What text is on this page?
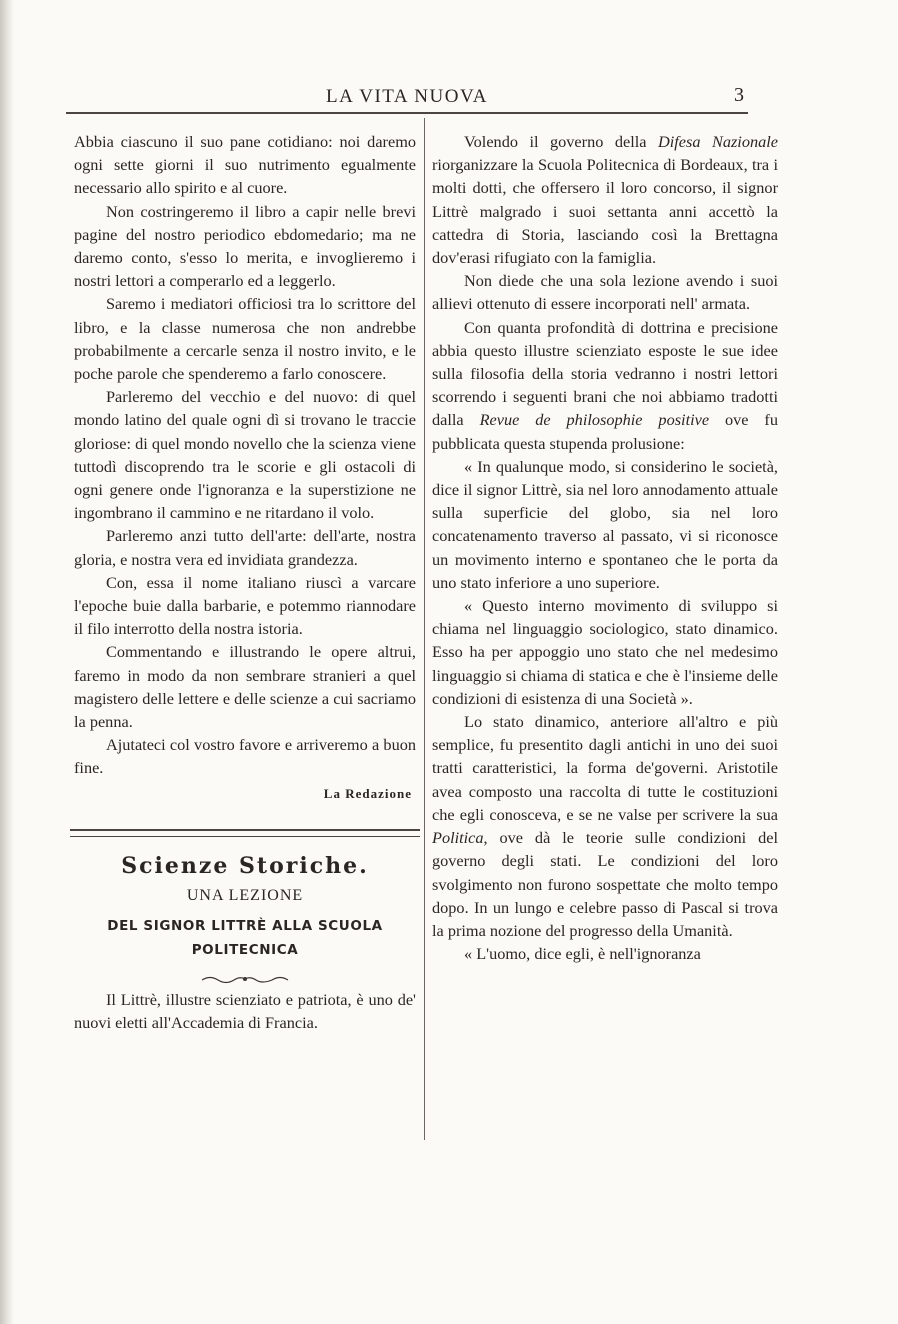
LA VITA NUOVA	3

Abbia ciascuno il suo pane cotidiano: noi daremo ogni sette giorni il suo nutrimento egualmente necessario allo spirito e al cuore.

Non costringeremo il libro a capir nelle brevi pagine del nostro periodico ebdomedario; ma ne daremo conto, s'esso lo merita, e invoglieremo i nostri lettori a comperarlo ed a leggerlo.

Saremo i mediatori officiosi tra lo scrittore del libro, e la classe numerosa che non andrebbe probabilmente a cercarle senza il nostro invito, e le poche parole che spenderemo a farlo conoscere.

Parleremo del vecchio e del nuovo: di quel mondo latino del quale ogni dì si trovano le traccie gloriose: di quel mondo novello che la scienza viene tuttodì discoprendo tra le scorie e gli ostacoli di ogni genere onde l'ignoranza e la superstizione ne ingombrano il cammino e ne ritardano il volo.

Parleremo anzi tutto dell'arte: dell'arte, nostra gloria, e nostra vera ed invidiata grandezza.

Con, essa il nome italiano riuscì a varcare l'epoche buie dalla barbarie, e potemmo riannodare il filo interrotto della nostra istoria.

Commentando e illustrando le opere altrui, faremo in modo da non sembrare stranieri a quel magistero delle lettere e delle scienze a cui sacriamo la penna.

Ajutateci col vostro favore e arriveremo a buon fine.

La Redazione
Scienze Storiche.
UNA LEZIONE
DEL SIGNOR LITTRÈ ALLA SCUOLA POLITECNICA

Il Littrè, illustre scienziato e patriota, è uno de' nuovi eletti all'Accademia di Francia.

Volendo il governo della Difesa Nazionale riorganizzare la Scuola Politecnica di Bordeaux, tra i molti dotti, che offersero il loro concorso, il signor Littrè malgrado i suoi settanta anni accettò la cattedra di Storia, lasciando così la Brettagna dov'erasi rifugiato con la famiglia.

Non diede che una sola lezione avendo i suoi allievi ottenuto di essere incorporati nell' armata.

Con quanta profondità di dottrina e precisione abbia questo illustre scienziato esposte le sue idee sulla filosofia della storia vedranno i nostri lettori scorrendo i seguenti brani che noi abbiamo tradotti dalla Revue de philosophie positive ove fu pubblicata questa stupenda prolusione:

« In qualunque modo, si considerino le società, dice il signor Littrè, sia nel loro annodamento attuale sulla superficie del globo, sia nel loro concatenamento traverso al passato, vi si riconosce un movimento interno e spontaneo che le porta da uno stato inferiore a uno superiore.

« Questo interno movimento di sviluppo si chiama nel linguaggio sociologico, stato dinamico. Esso ha per appoggio uno stato che nel medesimo linguaggio si chiama di statica e che è l'insieme delle condizioni di esistenza di una Società ».

Lo stato dinamico, anteriore all'altro e più semplice, fu presentito dagli antichi in uno dei suoi tratti caratteristici, la forma de'governi. Aristotile avea composto una raccolta di tutte le costituzioni che egli conosceva, e se ne valse per scrivere la sua Politica, ove dà le teorie sulle condizioni del governo degli stati. Le condizioni del loro svolgimento non furono sospettate che molto tempo dopo. In un lungo e celebre passo di Pascal si trova la prima nozione del progresso della Umanità.

« L'uomo, dice egli, è nell'ignoranza
